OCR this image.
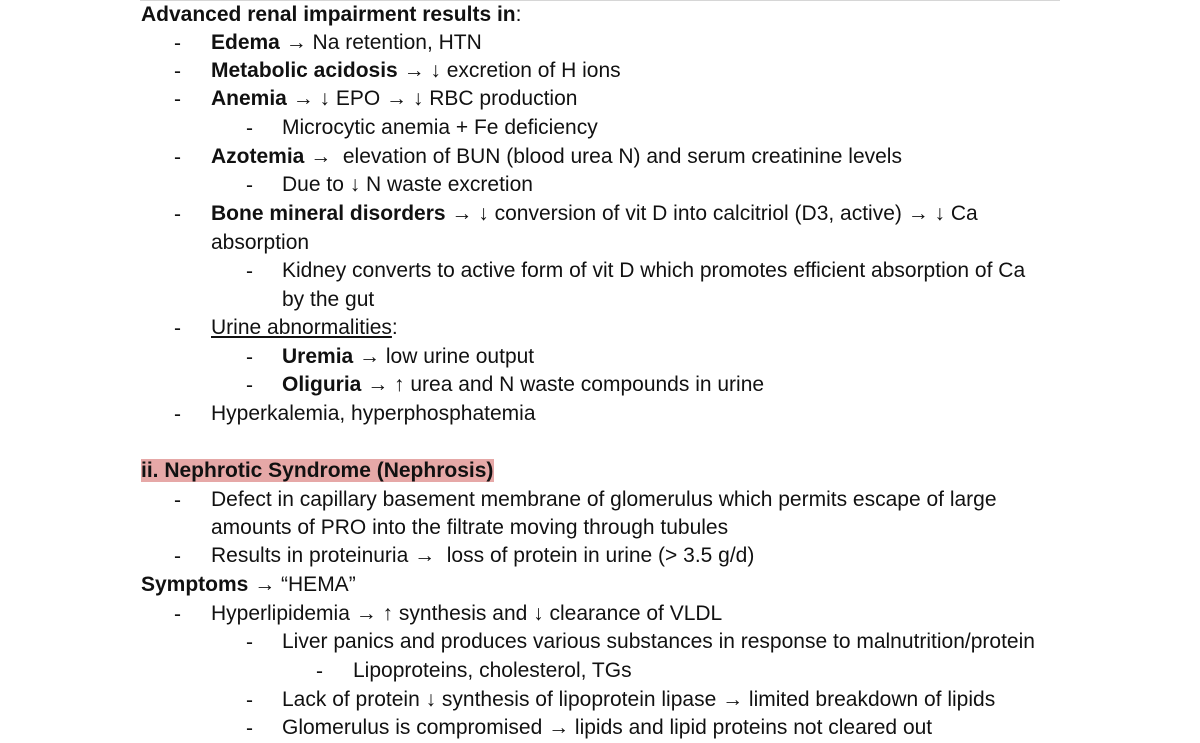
Advanced renal impairment results in:
- Edema → Na retention, HTN
- Metabolic acidosis → ↓ excretion of H ions
- Anemia → ↓ EPO → ↓ RBC production
- Microcytic anemia + Fe deficiency
- Azotemia →  elevation of BUN (blood urea N) and serum creatinine levels
- Due to ↓ N waste excretion
- Bone mineral disorders → ↓ conversion of vit D into calcitriol (D3, active) → ↓ Ca
absorption
- Kidney converts to active form of vit D which promotes efficient absorption of Ca
by the gut
- Urine abnormalities:
- Uremia → low urine output
- Oliguria → ↑ urea and N waste compounds in urine
- Hyperkalemia, hyperphosphatemia
ii. Nephrotic Syndrome (Nephrosis)
- Defect in capillary basement membrane of glomerulus which permits escape of large
amounts of PRO into the filtrate moving through tubules
- Results in proteinuria →  loss of protein in urine (> 3.5 g/d)
Symptoms → “HEMA”
- Hyperlipidemia → ↑ synthesis and ↓ clearance of VLDL
- Liver panics and produces various substances in response to malnutrition/protein
- Lipoproteins, cholesterol, TGs
- Lack of protein ↓ synthesis of lipoprotein lipase → limited breakdown of lipids
- Glomerulus is compromised → lipids and lipid proteins not cleared out
